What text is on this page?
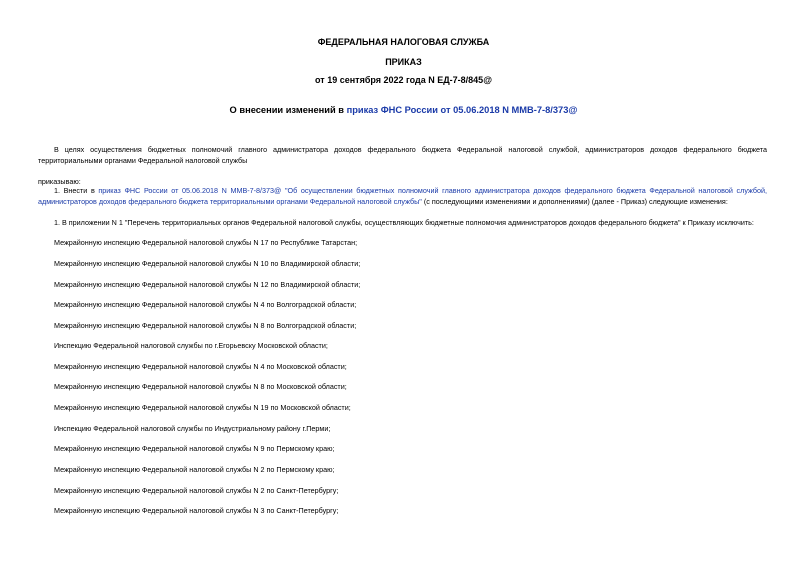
ФЕДЕРАЛЬНАЯ НАЛОГОВАЯ СЛУЖБА
ПРИКАЗ
от 19 сентября 2022 года N ЕД-7-8/845@
О внесении изменений в приказ ФНС России от 05.06.2018 N ММВ-7-8/373@
В целях осуществления бюджетных полномочий главного администратора доходов федерального бюджета Федеральной налоговой службой, администраторов доходов федерального бюджета территориальными органами Федеральной налоговой службы
приказываю:
1. Внести в приказ ФНС России от 05.06.2018 N ММВ-7-8/373@ "Об осуществлении бюджетных полномочий главного администратора доходов федерального бюджета Федеральной налоговой службой, администраторов доходов федерального бюджета территориальными органами Федеральной налоговой службы" (с последующими изменениями и дополнениями) (далее - Приказ) следующие изменения:
1. В приложении N 1 "Перечень территориальных органов Федеральной налоговой службы, осуществляющих бюджетные полномочия администраторов доходов федерального бюджета" к Приказу исключить:
Межрайонную инспекцию Федеральной налоговой службы N 17 по Республике Татарстан;
Межрайонную инспекцию Федеральной налоговой службы N 10 по Владимирской области;
Межрайонную инспекцию Федеральной налоговой службы N 12 по Владимирской области;
Межрайонную инспекцию Федеральной налоговой службы N 4 по Волгоградской области;
Межрайонную инспекцию Федеральной налоговой службы N 8 по Волгоградской области;
Инспекцию Федеральной налоговой службы по г.Егорьевску Московской области;
Межрайонную инспекцию Федеральной налоговой службы N 4 по Московской области;
Межрайонную инспекцию Федеральной налоговой службы N 8 по Московской области;
Межрайонную инспекцию Федеральной налоговой службы N 19 по Московской области;
Инспекцию Федеральной налоговой службы по Индустриальному району г.Перми;
Межрайонную инспекцию Федеральной налоговой службы N 9 по Пермскому краю;
Межрайонную инспекцию Федеральной налоговой службы N 2 по Пермскому краю;
Межрайонную инспекцию Федеральной налоговой службы N 2 по Санкт-Петербургу;
Межрайонную инспекцию Федеральной налоговой службы N 3 по Санкт-Петербургу;
